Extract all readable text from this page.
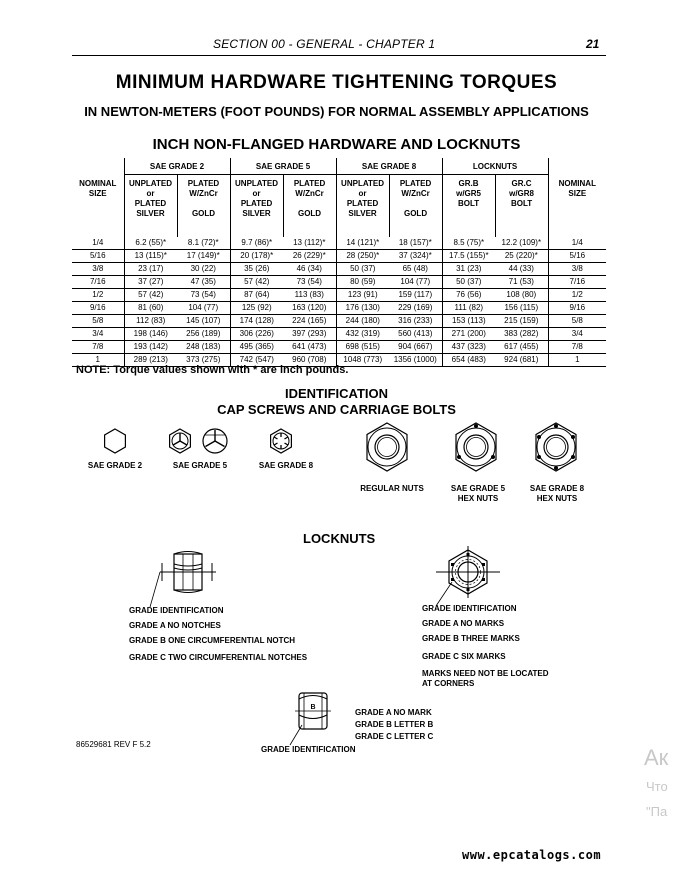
SECTION 00 - GENERAL - CHAPTER 1	21
MINIMUM HARDWARE TIGHTENING TORQUES
IN NEWTON-METERS (FOOT POUNDS) FOR NORMAL ASSEMBLY APPLICATIONS
INCH NON-FLANGED HARDWARE AND LOCKNUTS
	SAE GRADE 2		SAE GRADE 5		SAE GRADE 8		LOCKNUTS		
NOMINAL
SIZE	UNPLATED
or
PLATED
SILVER	PLATED
W/ZnCr

GOLD	UNPLATED
or
PLATED
SILVER	PLATED
W/ZnCr

GOLD	UNPLATED
or
PLATED
SILVER	PLATED
W/ZnCr

GOLD	GR.B
w/GR5
BOLT	GR.C
w/GR8
BOLT	NOMINAL
SIZE
1/4	6.2 (55)*	8.1 (72)*	9.7 (86)*	13 (112)*	14 (121)*	18 (157)*	8.5 (75)*	12.2 (109)*	1/4
5/16	13 (115)*	17 (149)*	20 (178)*	26 (229)*	28 (250)*	37 (324)*	17.5 (155)*	25 (220)*	5/16
3/8	23 (17)	30 (22)	35 (26)	46 (34)	50 (37)	65 (48)	31 (23)	44 (33)	3/8
7/16	37 (27)	47 (35)	57 (42)	73 (54)	80 (59)	104 (77)	50 (37)	71 (53)	7/16
1/2	57 (42)	73 (54)	87 (64)	113 (83)	123 (91)	159 (117)	76 (56)	108 (80)	1/2
9/16	81 (60)	104 (77)	125 (92)	163 (120)	176 (130)	229 (169)	111 (82)	156 (115)	9/16
5/8	112 (83)	145 (107)	174 (128)	224 (165)	244 (180)	316 (233)	153 (113)	215 (159)	5/8
3/4	198 (146)	256 (189)	306 (226)	397 (293)	432 (319)	560 (413)	271 (200)	383 (282)	3/4
7/8	193 (142)	248 (183)	495 (365)	641 (473)	698 (515)	904 (667)	437 (323)	617 (455)	7/8
1	289 (213)	373 (275)	742 (547)	960 (708)	1048 (773)	1356 (1000)	654 (483)	924 (681)	1
NOTE: Torque values shown with * are inch pounds.
IDENTIFICATION
CAP SCREWS AND CARRIAGE BOLTS
SAE GRADE 2	SAE GRADE 5	SAE GRADE 8
REGULAR NUTS	SAE GRADE 5
HEX NUTS
SAE GRADE 8
HEX NUTS
LOCKNUTS
GRADE IDENTIFICATION
GRADE A NO NOTCHES
GRADE B ONE CIRCUMFERENTIAL NOTCH
GRADE C TWO CIRCUMFERENTIAL NOTCHES
GRADE IDENTIFICATION
GRADE A NO MARKS
GRADE B THREE MARKS
GRADE C SIX MARKS
MARKS NEED NOT BE LOCATED
AT CORNERS
B
GRADE A NO MARK
GRADE B LETTER B
GRADE C LETTER C
GRADE IDENTIFICATION
86529681 REV F 5.2
Ак
Что
"Па
www.epcatalogs.com
